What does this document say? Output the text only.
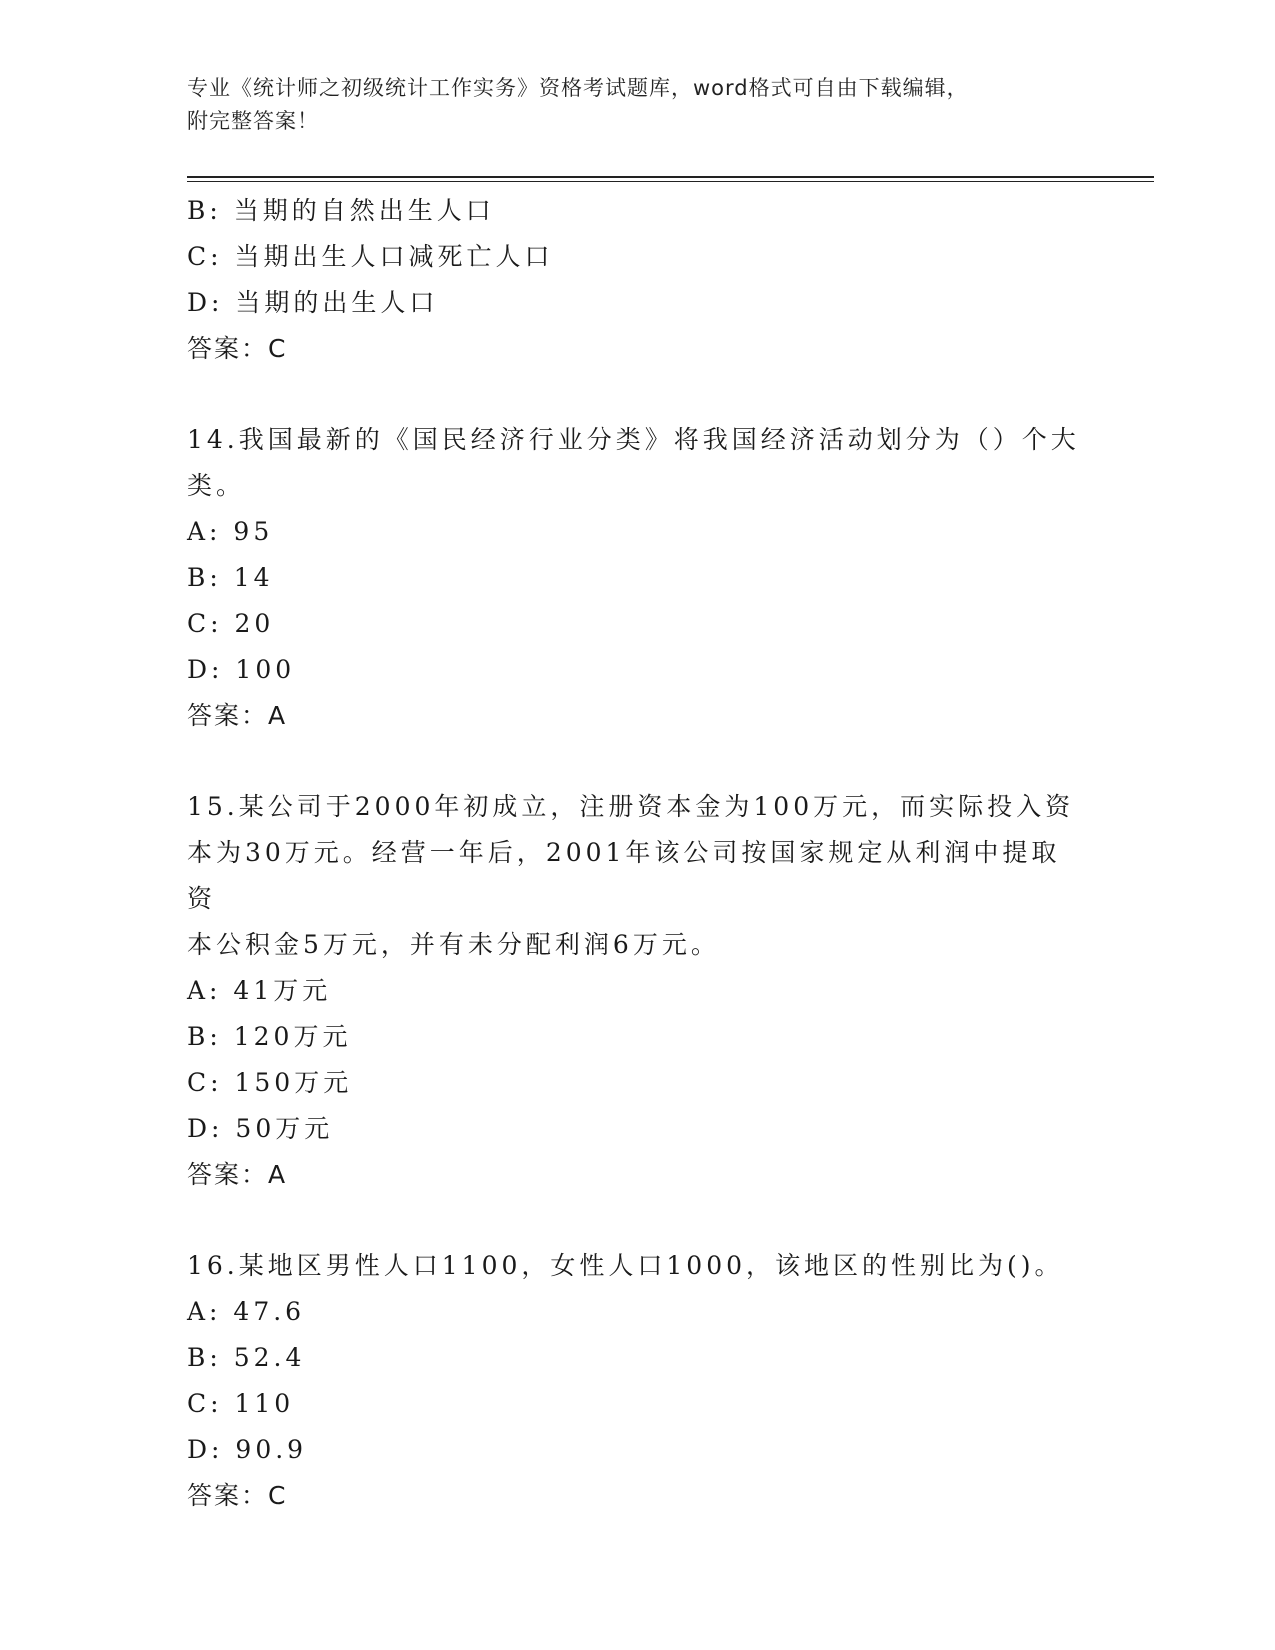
专业《统计师之初级统计工作实务》资格考试题库，word格式可自由下载编辑，
附完整答案！
B: 当期的自然出生人口
C: 当期出生人口减死亡人口
D: 当期的出生人口
答案：C
14.我国最新的《国民经济行业分类》将我国经济活动划分为（）个大
类。
A: 95
B: 14
C: 20
D: 100
答案：A
15.某公司于2000年初成立，注册资本金为100万元，而实际投入资
本为30万元。经营一年后，2001年该公司按国家规定从利润中提取资
本公积金5万元，并有未分配利润6万元。
A: 41万元
B: 120万元
C: 150万元
D: 50万元
答案：A
16.某地区男性人口1100，女性人口1000，该地区的性别比为()。
A: 47.6
B: 52.4
C: 110
D: 90.9
答案：C
